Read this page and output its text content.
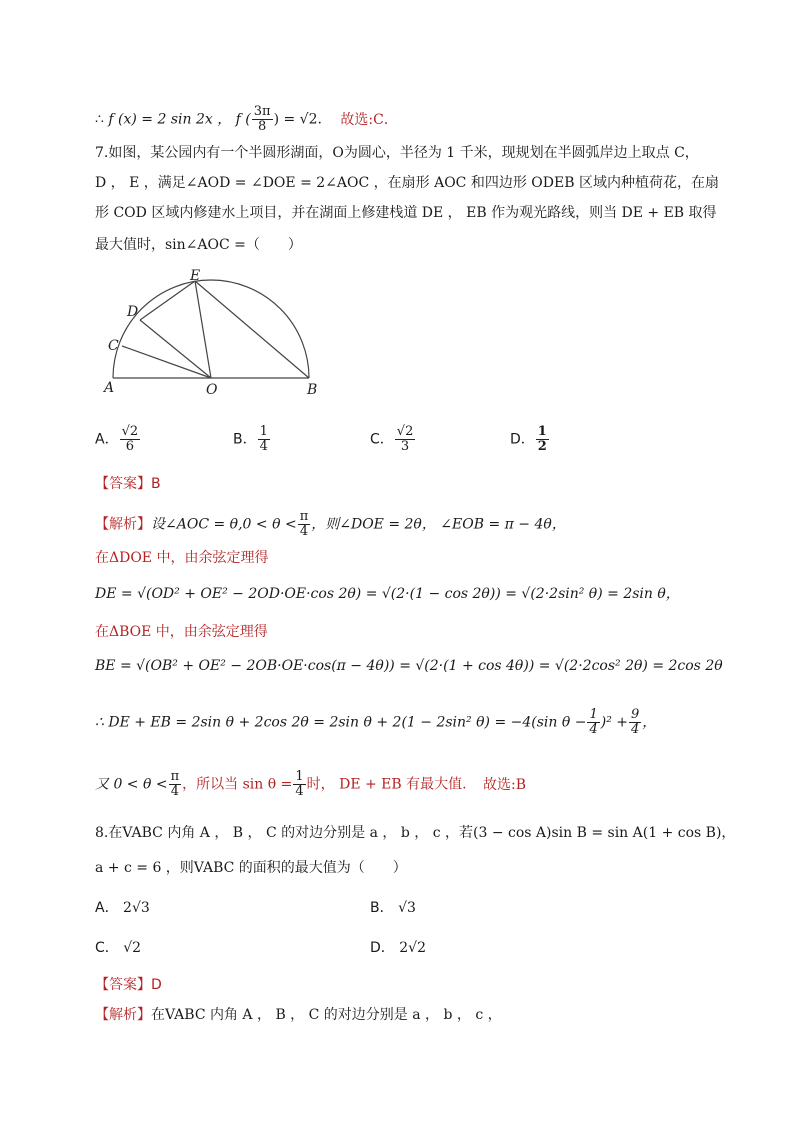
∴ f (x) = 2 sin 2x ， f ( $\frac{3\pi}{8}$ ) = √2. 故选:C．
7.如图，某公园内有一个半圆形湖面，O为圆心，半径为 1 千米，现规划在半圆弧岸边上取点 C，
D ， E ，满足∠AOD = ∠DOE = 2∠AOC ，在扇形 AOC 和四边形 ODEB 区域内种植荷花，在扇
形 COD 区域内修建水上项目，并在湖面上修建栈道 DE ， EB 作为观光路线，则当 DE + EB 取得
最大值时，sin∠AOC =（　　）
A	O	B
C
D
E
A． $\frac{√2}{6}$	B． $\frac{1}{4}$	C． $\frac{√2}{3}$	D． $\frac{1}{2}$
【答案】B
【解析】设∠AOC = $\theta,0 < \theta < \frac{\pi}{4}$ ，则∠DOE = 2θ， ∠EOB = π − 4θ，
在ΔDOE 中，由余弦定理得
DE = √(OD² + OE² − 2OD·OE·cos 2θ) = √(2·(1 − cos 2θ)) = √(2·2sin² θ) = 2sin θ，
在ΔBOE 中，由余弦定理得
BE = √(OB² + OE² − 2OB·OE·cos(π − 4θ)) = √(2·(1 + cos 4θ)) = √(2·2cos² 2θ) = 2cos 2θ
∴ DE + EB = 2sin θ + 2cos 2θ = 2sin θ + 2(1 − 2sin² θ) = −4(sin $\theta - \frac{1}{4} )^2 + \frac{9}{4}$ ，
又 $0 < \theta < \frac{\pi}{4}$ ，所以当 $\sin \theta = \frac{1}{4}$ 时， DE + EB 有最大值. 故选:B
8.在VABC 内角 A ， B ， C 的对边分别是 a ， b ， c ，若(3 − cos A)sin B = sin A(1 + cos B)，
a + c = 6 ，则VABC 的面积的最大值为（　　）
A． 2√3	B． √3
C． √2	D． 2√2
【答案】D
【解析】在VABC 内角 A ， B ， C 的对边分别是 a ， b ， c ，
